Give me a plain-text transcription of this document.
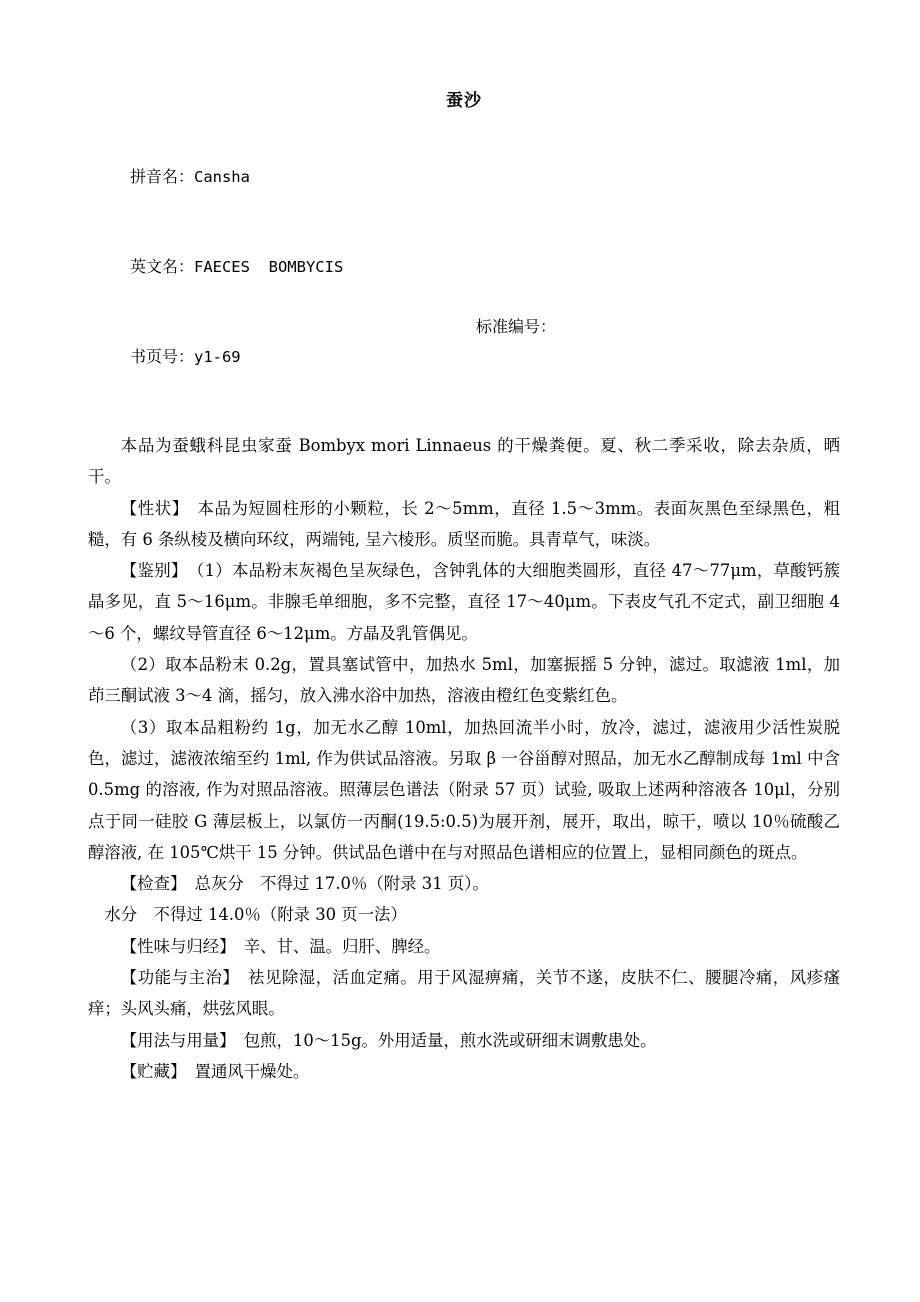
蚕沙

拼音名：Cansha

英文名：FAECES  BOMBYCIS

书页号：y1-69
标准编号：

本品为蚕蛾科昆虫家蚕 Bombyx mori Linnaeus 的干燥粪便。夏、秋二季采收，除去杂质，晒干。

【性状】　本品为短圆柱形的小颗粒，长 2～5mm，直径 1.5～3mm。表面灰黑色至绿黑色，粗糙，有 6 条纵棱及横向环纹，两端钝, 呈六棱形。质坚而脆。具青草气，味淡。

【鉴别】　（1）本品粉末灰褐色呈灰绿色，含钟乳体的大细胞类圆形，直径 47～77μm，草酸钙簇晶多见，直 5～16μm。非腺毛单细胞，多不完整，直径 17～40μm。下表皮气孔不定式，副卫细胞 4～6 个，螺纹导管直径 6～12μm。方晶及乳管偶见。

（2）取本品粉末 0.2g，置具塞试管中，加热水 5ml，加塞振摇 5 分钟，滤过。取滤液 1ml，加茚三酮试液 3～4 滴，摇匀，放入沸水浴中加热，溶液由橙红色变紫红色。

（3）取本品粗粉约 1g，加无水乙醇 10ml，加热回流半小时，放冷，滤过，滤液用少活性炭脱色，滤过，滤液浓缩至约 1ml, 作为供试品溶液。另取 β 一谷甾醇对照品，加无水乙醇制成每 1ml 中含 0.5mg 的溶液, 作为对照品溶液。照薄层色谱法（附录 57 页）试验, 吸取上述两种溶液各 10μl，分别点于同一硅胶 G 薄层板上，以氯仿一丙酮(19.5:0.5)为展开剂，展开，取出，晾干，喷以 10％硫酸乙醇溶液, 在 105℃烘干 15 分钟。供试品色谱中在与对照品色谱相应的位置上，显相同颜色的斑点。

【检查】　总灰分　不得过 17.0％（附录 31 页）。

水分　不得过 14.0％（附录 30 页一法）

【性味与归经】　辛、甘、温。归肝、脾经。

【功能与主治】　祛见除湿，活血定痛。用于风湿痹痛，关节不遂，皮肤不仁、腰腿冷痛，风疹瘙痒；头风头痛，烘弦风眼。

【用法与用量】　包煎，10～15g。外用适量，煎水洗或研细末调敷患处。

【贮藏】　置通风干燥处。
